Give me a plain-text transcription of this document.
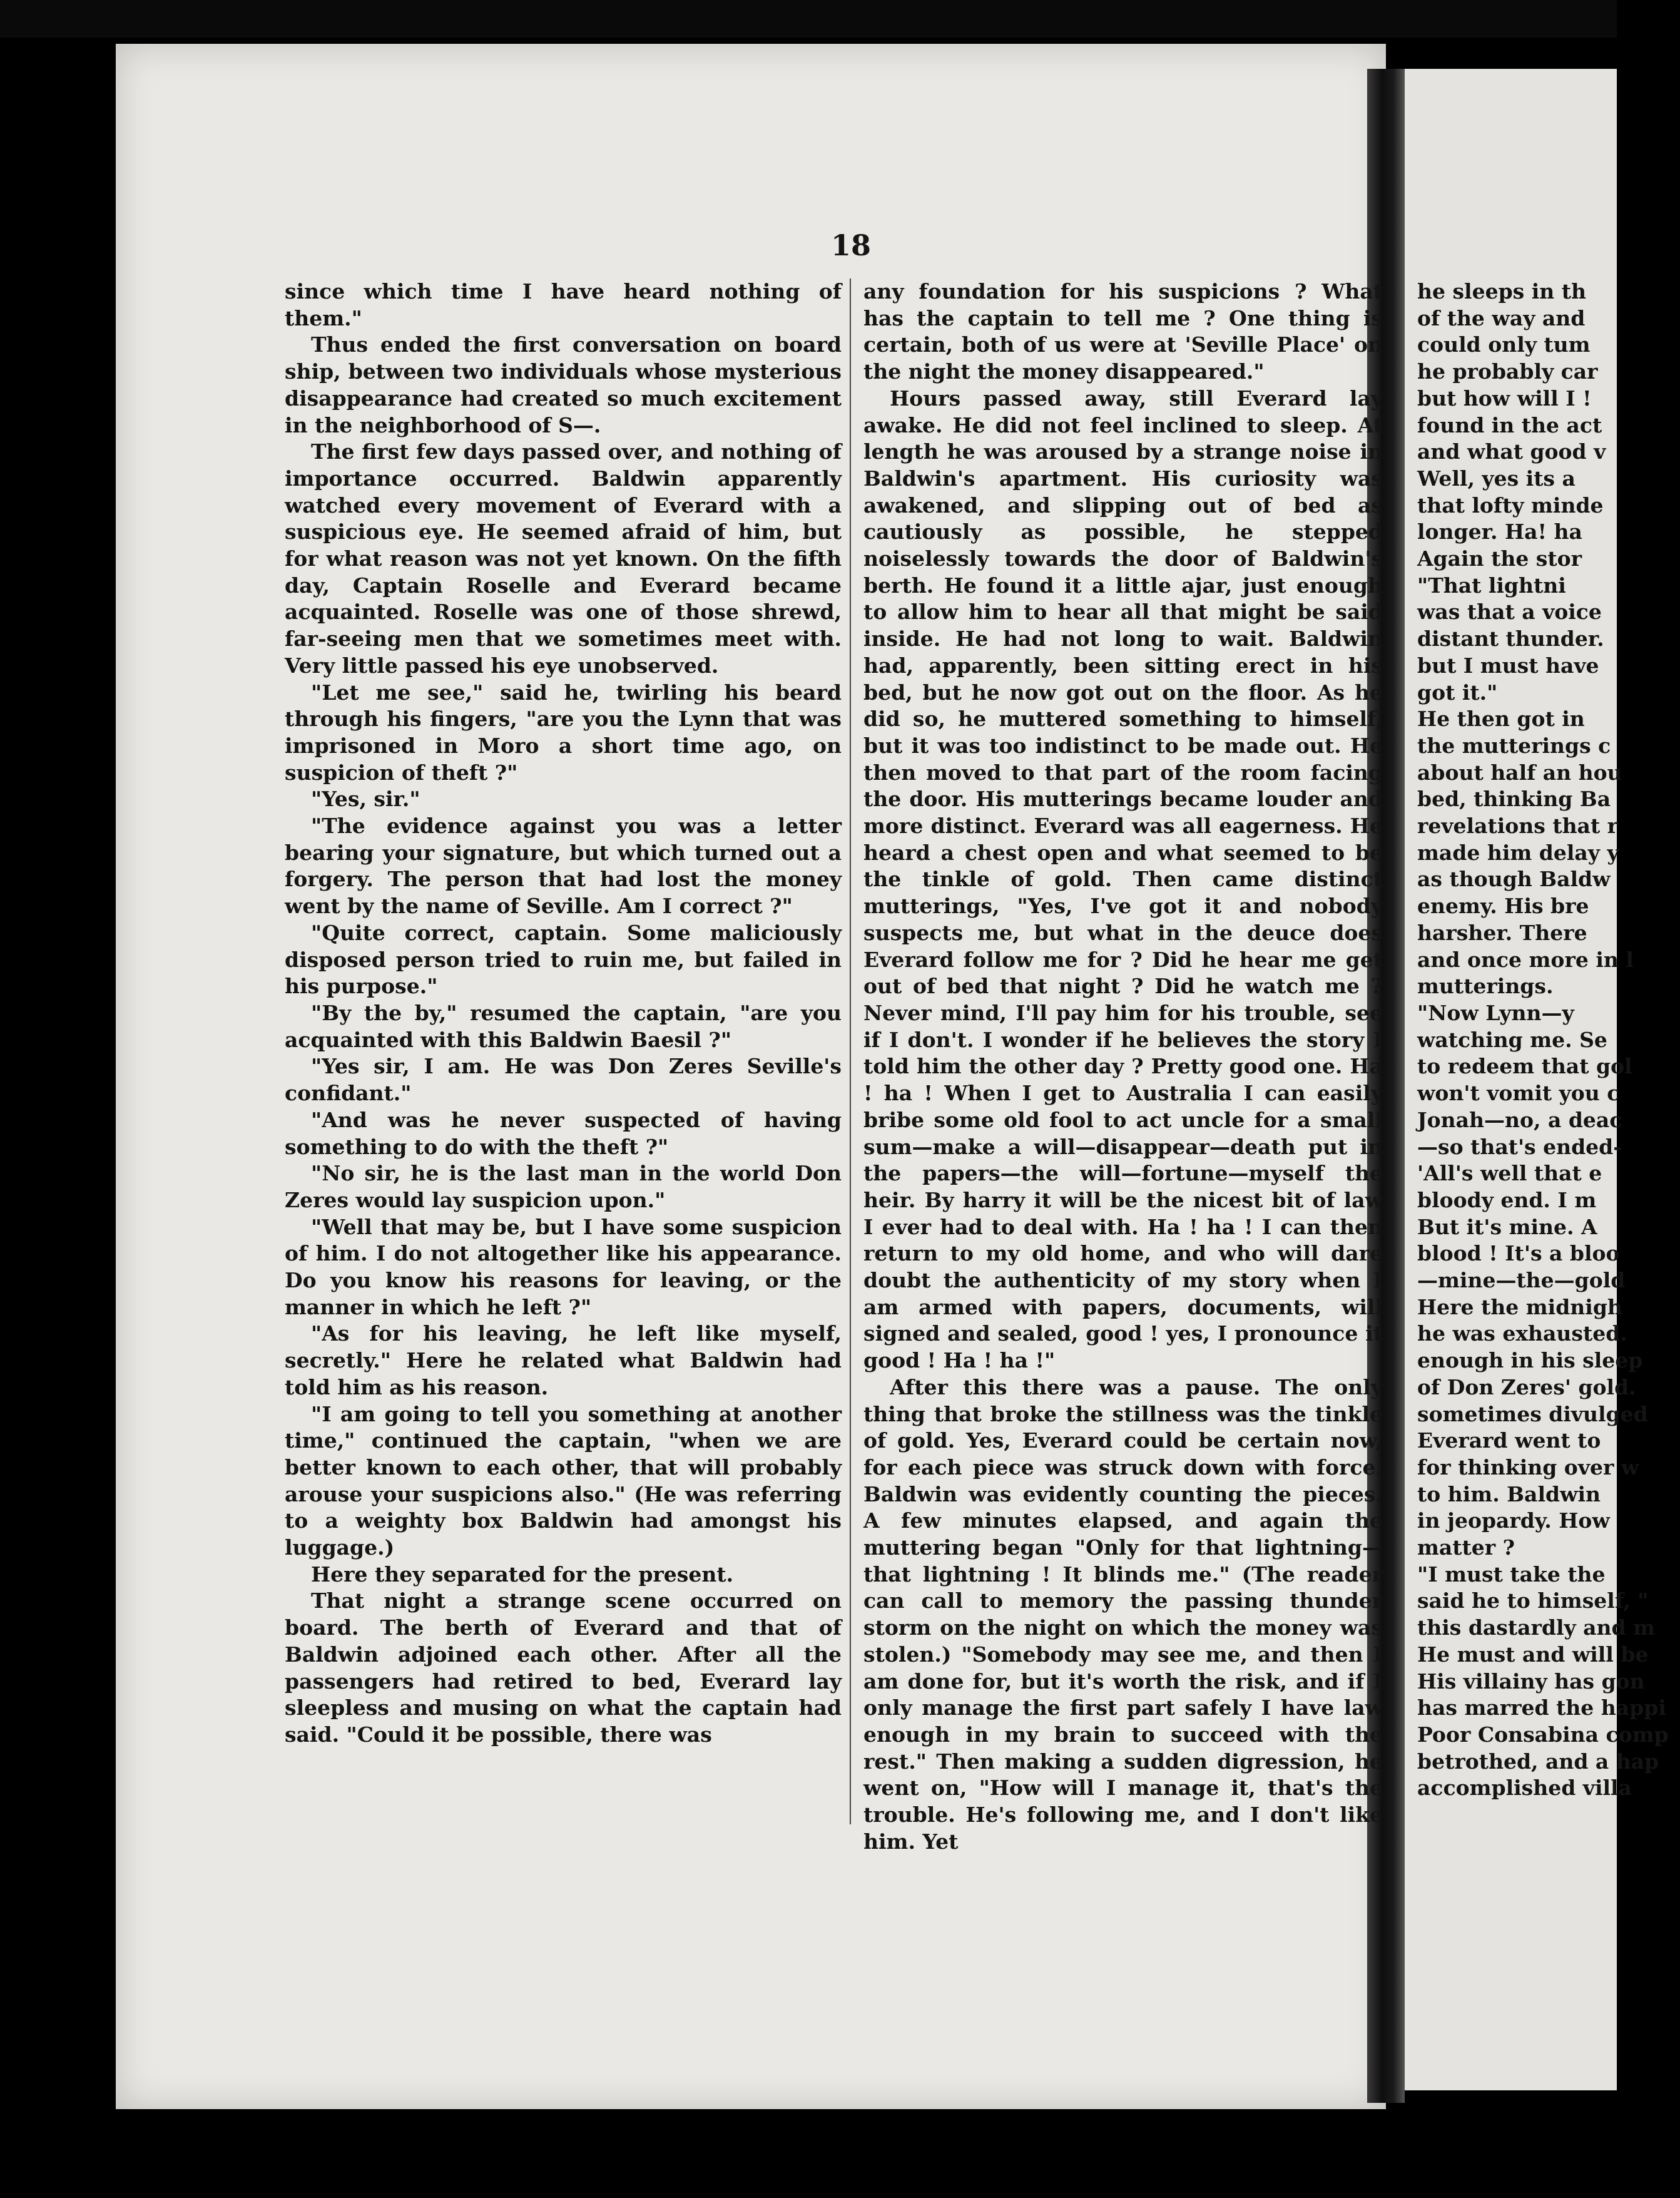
18
he sleeps in th
of the way and
could only tum
he probably car
but how will I !
found in the act
and what good v
Well, yes its a
that lofty minde
longer. Ha! ha
Again the stor
"That lightni
was that a voice
distant thunder.
but I must have
got it."
He then got in
the mutterings c
about half an hou
bed, thinking Ba
revelations that r
made him delay y
as though Baldw
enemy. His bre
harsher. There
and once more in l
mutterings.
"Now Lynn—y
watching me. Se
to redeem that gol
won't vomit you c
Jonah—no, a deac
—so that's ended-
'All's well that e
bloody end. I m
But it's mine. A
blood ! It's a bloo
—mine—the—gold
Here the midnigh
he was exhausted.
enough in his sleep
of Don Zeres' gold.
sometimes divulged
Everard went to
for thinking over w
to him. Baldwin
in jeopardy. How
matter ?
"I must take the
said he to himself, "
this dastardly and m
He must and will be
His villainy has gon
has marred the happi
Poor Consabina comp
betrothed, and a hap
accomplished villa

since which time I have heard nothing of them."

Thus ended the first conversation on board ship, between two individuals whose mysterious disappearance had created so much excitement in the neighborhood of S—.

The first few days passed over, and nothing of importance occurred. Baldwin apparently watched every movement of Everard with a suspicious eye. He seemed afraid of him, but for what reason was not yet known. On the fifth day, Captain Roselle and Everard became acquainted. Roselle was one of those shrewd, far-seeing men that we sometimes meet with. Very little passed his eye unobserved.

"Let me see," said he, twirling his beard through his fingers, "are you the Lynn that was imprisoned in Moro a short time ago, on suspicion of theft ?"

"Yes, sir."

"The evidence against you was a letter bearing your signature, but which turned out a forgery. The person that had lost the money went by the name of Seville. Am I correct ?"

"Quite correct, captain. Some maliciously disposed person tried to ruin me, but failed in his purpose."

"By the by," resumed the captain, "are you acquainted with this Baldwin Baesil ?"

"Yes sir, I am. He was Don Zeres Seville's confidant."

"And was he never suspected of having something to do with the theft ?"

"No sir, he is the last man in the world Don Zeres would lay suspicion upon."

"Well that may be, but I have some suspicion of him. I do not altogether like his appearance. Do you know his reasons for leaving, or the manner in which he left ?"

"As for his leaving, he left like myself, secretly." Here he related what Baldwin had told him as his reason.

"I am going to tell you something at another time," continued the captain, "when we are better known to each other, that will probably arouse your suspicions also." (He was referring to a weighty box Baldwin had amongst his luggage.)

Here they separated for the present.

That night a strange scene occurred on board. The berth of Everard and that of Baldwin adjoined each other. After all the passengers had retired to bed, Everard lay sleepless and musing on what the captain had said. "Could it be possible, there was

any foundation for his suspicions ? What has the captain to tell me ? One thing is certain, both of us were at 'Seville Place' on the night the money disappeared."

Hours passed away, still Everard lay awake. He did not feel inclined to sleep. At length he was aroused by a strange noise in Baldwin's apartment. His curiosity was awakened, and slipping out of bed as cautiously as possible, he stepped noiselessly towards the door of Baldwin's berth. He found it a little ajar, just enough to allow him to hear all that might be said inside. He had not long to wait. Baldwin had, apparently, been sitting erect in his bed, but he now got out on the floor. As he did so, he muttered something to himself, but it was too indistinct to be made out. He then moved to that part of the room facing the door. His mutterings became louder and more distinct. Everard was all eagerness. He heard a chest open and what seemed to be the tinkle of gold. Then came distinct mutterings, "Yes, I've got it and nobody suspects me, but what in the deuce does Everard follow me for ? Did he hear me get out of bed that night ? Did he watch me ? Never mind, I'll pay him for his trouble, see if I don't. I wonder if he believes the story I told him the other day ? Pretty good one. Ha ! ha ! When I get to Australia I can easily bribe some old fool to act uncle for a small sum—make a will—disappear—death put in the papers—the will—fortune—myself the heir. By harry it will be the nicest bit of law I ever had to deal with. Ha ! ha ! I can then return to my old home, and who will dare doubt the authenticity of my story when I am armed with papers, documents, will signed and sealed, good ! yes, I pronounce it good ! Ha ! ha !"

After this there was a pause. The only thing that broke the stillness was the tinkle of gold. Yes, Everard could be certain now, for each piece was struck down with force. Baldwin was evidently counting the pieces. A few minutes elapsed, and again the muttering began "Only for that lightning—that lightning ! It blinds me." (The reader can call to memory the passing thunder storm on the night on which the money was stolen.) "Somebody may see me, and then I am done for, but it's worth the risk, and if I only manage the first part safely I have law enough in my brain to succeed with the rest." Then making a sudden digression, he went on, "How will I manage it, that's the trouble. He's following me, and I don't like him. Yet
